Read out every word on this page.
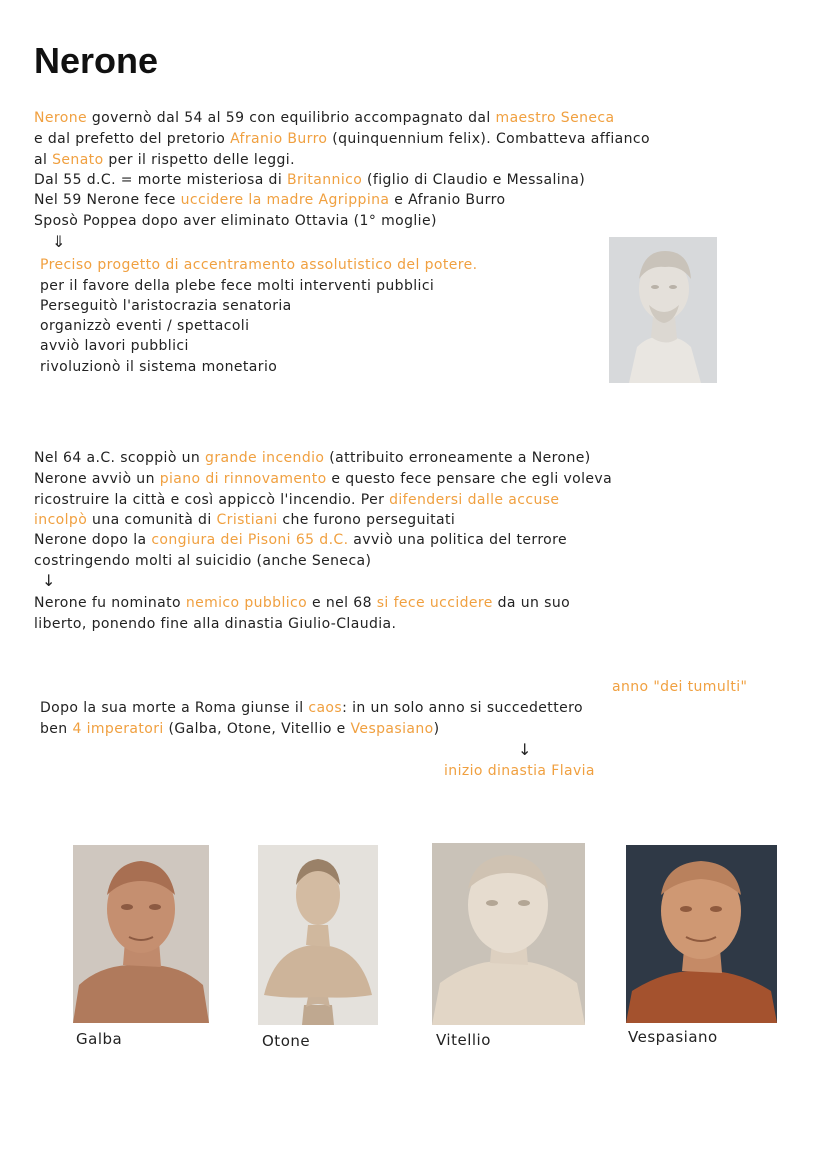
Nerone
Nerone governò dal 54 al 59 con equilibrio accompagnato dal maestro Seneca
e dal prefetto del pretorio Afranio Burro (quinquennium felix). Combatteva affianco
al Senato per il rispetto delle leggi.
Dal 55 d.C. = morte misteriosa di Britannico (figlio di Claudio e Messalina)
Nel 59 Nerone fece uccidere la madre Agrippina e Afranio Burro
Sposò Poppea dopo aver eliminato Ottavia (1° moglie)
⇓
Preciso progetto di accentramento assolutistico del potere.
per il favore della plebe fece molti interventi pubblici
Perseguitò l'aristocrazia senatoria
organizzò eventi / spettacoli
avviò lavori pubblici
rivoluzionò il sistema monetario
Nel 64 a.C. scoppiò un grande incendio (attribuito erroneamente a Nerone)
Nerone avviò un piano di rinnovamento e questo fece pensare che egli voleva
ricostruire la città e così appiccò l'incendio. Per difendersi dalle accuse
incolpò una comunità di Cristiani che furono perseguitati
Nerone dopo la congiura dei Pisoni 65 d.C. avviò una politica del terrore
costringendo molti al suicidio (anche Seneca)
↓
Nerone fu nominato nemico pubblico e nel 68 si fece uccidere da un suo
liberto, ponendo fine alla dinastia Giulio-Claudia.
anno "dei tumulti"
Dopo la sua morte a Roma giunse il caos: in un solo anno si succedettero
ben 4 imperatori (Galba, Otone, Vitellio e Vespasiano)
↓
inizio dinastia Flavia
Galba	Otone	Vitellio	Vespasiano
